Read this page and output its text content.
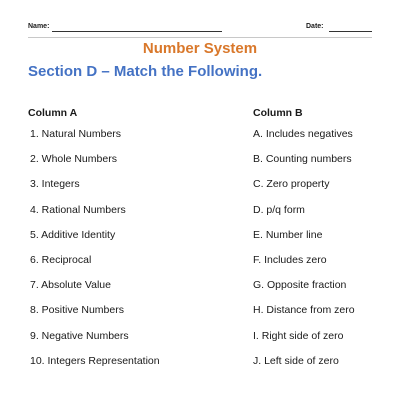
Name:	Date:
Number System
Section D – Match the Following.
Column A	Column B
1. Natural Numbers	A. Includes negatives
2. Whole Numbers	B. Counting numbers
3. Integers	C. Zero property
4. Rational Numbers	D. p/q form
5. Additive Identity	E. Number line
6. Reciprocal	F. Includes zero
7. Absolute Value	G. Opposite fraction
8. Positive Numbers	H. Distance from zero
9. Negative Numbers	I. Right side of zero
10. Integers Representation	J. Left side of zero
